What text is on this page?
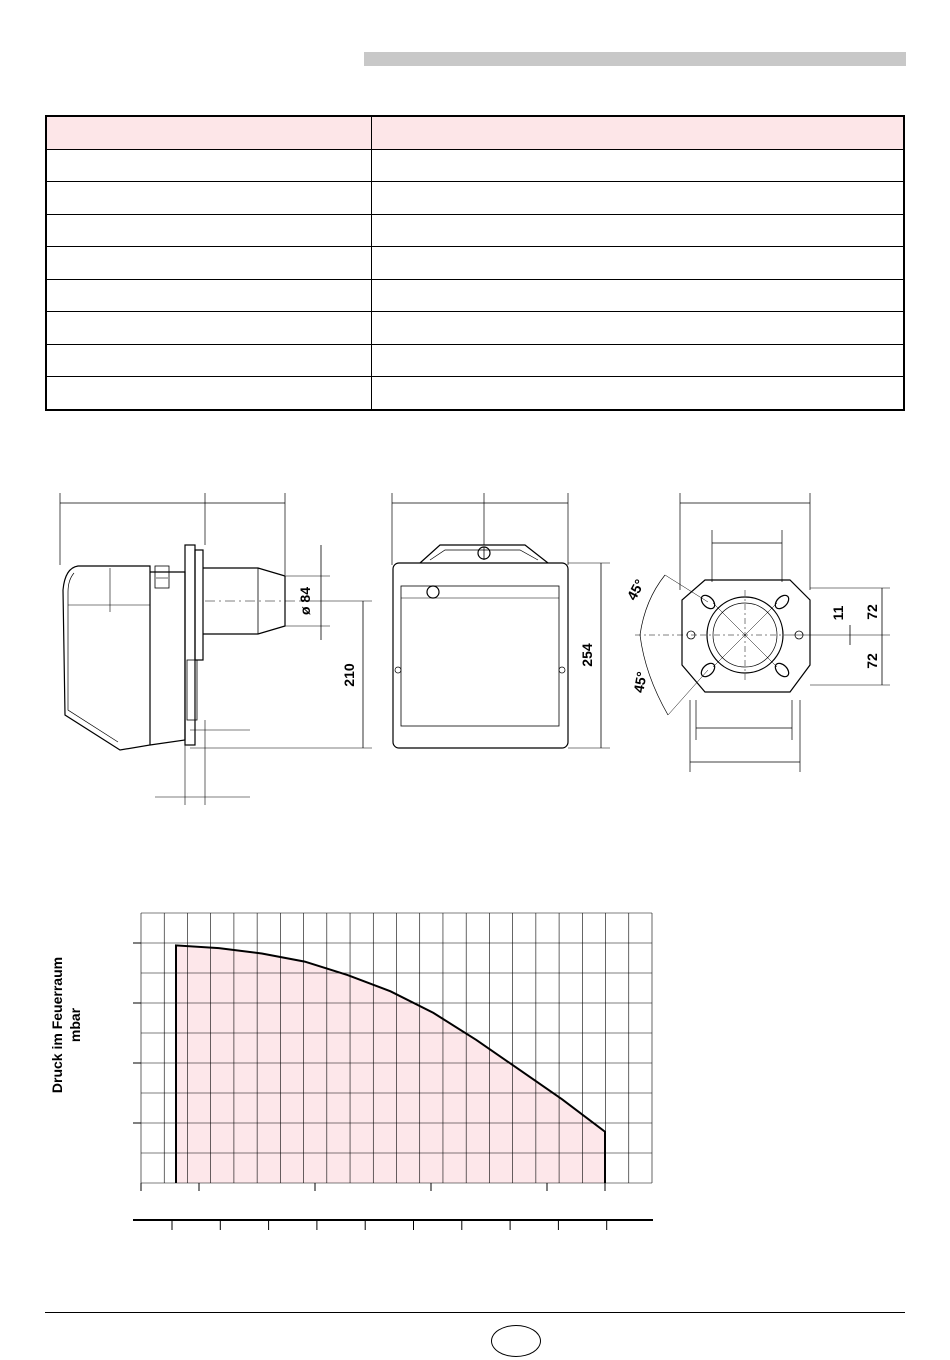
ø 84
210
254
45°
45°
11 72
72
Druck im Feuerraum mbar
